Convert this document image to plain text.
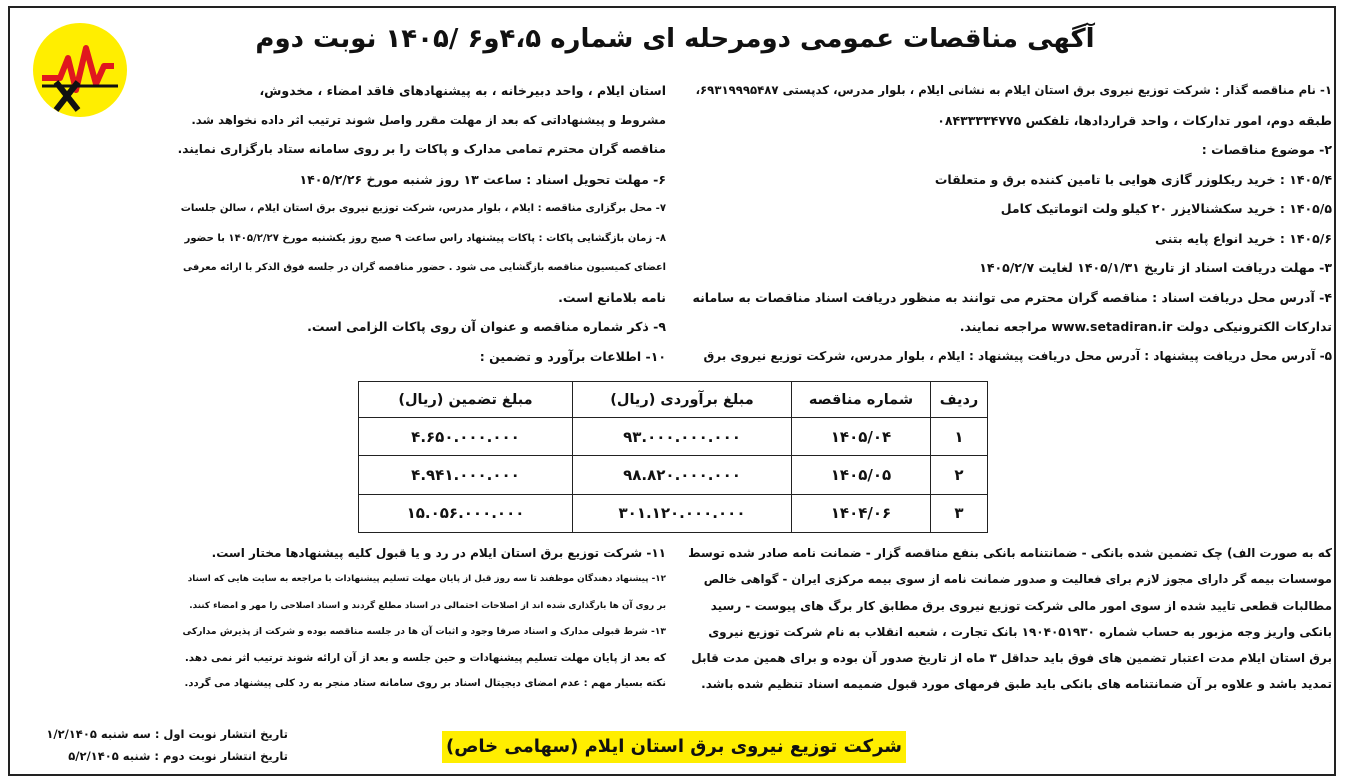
آگهی مناقصات عمومی دومرحله ای شماره ۴،۵و۶ /۱۴۰۵ نوبت دوم
۱- نام مناقصه گذار : شرکت توزیع نیروی برق استان ایلام به نشانی ایلام ، بلوار مدرس، کدپستی ۶۹۳۱۹۹۹۵۴۸۷،
طبقه دوم، امور تدارکات ، واحد قراردادها، تلفکس ۰۸۴۳۳۳۳۴۷۷۵
۲- موضوع مناقصات :
۱۴۰۵/۴ : خرید ریکلوزر گازی هوایی با تامین کننده برق و متعلقات
۱۴۰۵/۵ : خرید سکشنالایزر ۲۰ کیلو ولت اتوماتیک کامل
۱۴۰۵/۶ : خرید انواع پایه بتنی
۳- مهلت دریافت اسناد از تاریخ ۱۴۰۵/۱/۳۱ لغایت ۱۴۰۵/۲/۷
۴- آدرس محل دریافت اسناد : مناقصه گران محترم می توانند به منظور دریافت اسناد مناقصات به سامانه
تدارکات الکترونیکی دولت www.setadiran.ir مراجعه نمایند.
۵- آدرس محل دریافت پیشنهاد : آدرس محل دریافت پیشنهاد : ایلام ، بلوار مدرس، شرکت توزیع نیروی برق
استان ایلام ، واحد دبیرخانه ، به پیشنهادهای فاقد امضاء ، مخدوش،
مشروط و پیشنهاداتی که بعد از مهلت مقرر واصل شوند ترتیب اثر داده نخواهد شد.
مناقصه گران محترم تمامی مدارک و پاکات را بر روی سامانه ستاد بارگزاری نمایند.
۶- مهلت تحویل اسناد : ساعت ۱۳ روز شنبه مورخ ۱۴۰۵/۲/۲۶
۷- محل برگزاری مناقصه : ایلام ، بلوار مدرس، شرکت توزیع نیروی برق استان ایلام ، سالن جلسات
۸- زمان بازگشایی پاکات : پاکات پیشنهاد راس ساعت ۹ صبح روز یکشنبه مورخ ۱۴۰۵/۲/۲۷ با حضور
اعضای کمیسیون مناقصه بازگشایی می شود . حضور مناقصه گران در جلسه فوق الذکر با ارائه معرفی
نامه بلامانع است.
۹- ذکر شماره مناقصه و عنوان آن روی پاکات الزامی است.
۱۰- اطلاعات برآورد و تضمین :
ردیف	شماره مناقصه	مبلغ برآوردی (ریال)	مبلغ تضمین (ریال)
۱	۱۴۰۵/۰۴	۹۳.۰۰۰.۰۰۰.۰۰۰	۴.۶۵۰.۰۰۰.۰۰۰
۲	۱۴۰۵/۰۵	۹۸.۸۲۰.۰۰۰.۰۰۰	۴.۹۴۱.۰۰۰.۰۰۰
۳	۱۴۰۴/۰۶	۳۰۱.۱۲۰.۰۰۰.۰۰۰	۱۵.۰۵۶.۰۰۰.۰۰۰
که به صورت الف) چک تضمین شده بانکی - ضمانتنامه بانکی بنفع مناقصه گزار - ضمانت نامه صادر شده توسط
موسسات بیمه گر دارای مجوز لازم برای فعالیت و صدور ضمانت نامه از سوی بیمه مرکزی ایران - گواهی خالص
مطالبات قطعی تایید شده از سوی امور مالی شرکت توزیع نیروی برق مطابق کار برگ های پیوست - رسید
بانکی واریز وجه مزبور به حساب شماره ۱۹۰۴۰۵۱۹۳۰ بانک تجارت ، شعبه انقلاب به نام شرکت توزیع نیروی
برق استان ایلام مدت اعتبار تضمین های فوق باید حداقل ۳ ماه از تاریخ صدور آن بوده و برای همین مدت قابل
تمدید باشد و علاوه بر آن ضمانتنامه های بانکی باید طبق فرمهای مورد قبول ضمیمه اسناد تنظیم شده باشد.
۱۱- شرکت توزیع برق استان ایلام در رد و یا قبول کلیه پیشنهادها مختار است.
۱۲- پیشنهاد دهندگان موظفند تا سه روز قبل از پایان مهلت تسلیم پیشنهادات با مراجعه به سایت هایی که اسناد
بر روی آن ها بارگذاری شده اند از اصلاحات احتمالی در اسناد مطلع گردند و اسناد اصلاحی را مهر و امضاء کنند.
۱۳- شرط قبولی مدارک و اسناد صرفا وجود و اثبات آن ها در جلسه مناقصه بوده و شرکت از پذیرش مدارکی
که بعد از پایان مهلت تسلیم پیشنهادات و حین جلسه و بعد از آن ارائه شوند ترتیب اثر نمی دهد.
نکته بسیار مهم : عدم امضای دیجیتال اسناد بر روی سامانه ستاد منجر به رد کلی پیشنهاد می گردد.
تاریخ انتشار نوبت اول : سه شنبه ۱/۲/۱۴۰۵
تاریخ انتشار نوبت دوم : شنبه ۵/۲/۱۴۰۵	شرکت توزیع نیروی برق استان ایلام (سهامی خاص)
